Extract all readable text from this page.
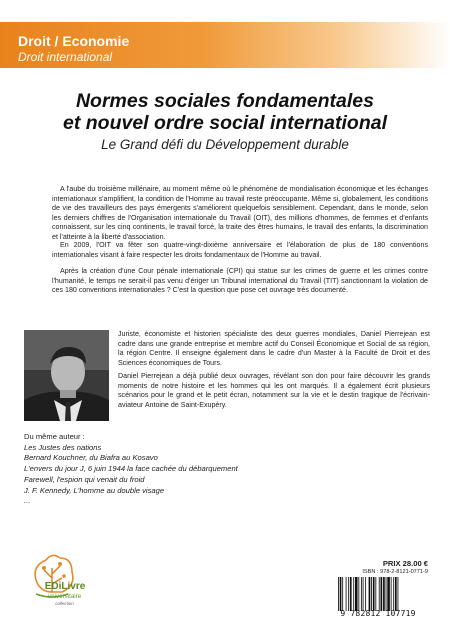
Droit / Economie
Droit international
Normes sociales fondamentales
et nouvel ordre social international
Le Grand défi du Développement durable

A l'aube du troisième millénaire, au moment même où le phénomène de mondialisation économique et les échanges internationaux s'amplifient, la condition de l'Homme au travail reste préoccupante. Même si, globalement, les conditions de vie des travailleurs des pays émergents s'améliorent quelquefois sensiblement. Cependant, dans le monde, selon les derniers chiffres de l'Organisation internationale du Travail (OIT), des millions d'hommes, de femmes et d'enfants connaissent, sur les cinq continents, le travail forcé, la traite des êtres humains, le travail des enfants, la discrimination et l'atteinte à la liberté d'association.

En 2009, l'OIT va fêter son quatre-vingt-dixième anniversaire et l'élaboration de plus de 180 conventions internationales visant à faire respecter les droits fondamentaux de l'Homme au travail.

Après la création d'une Cour pénale internationale (CPI) qui statue sur les crimes de guerre et les crimes contre l'humanité, le temps ne serait-il pas venu d'ériger un Tribunal international du Travail (TIT) sanctionnant la violation de ces 180 conventions internationales ? C'est la question que pose cet ouvrage très documenté.

Juriste, économiste et historien spécialiste des deux guerres mondiales, Daniel Pierrejean est cadre dans une grande entreprise et membre actif du Conseil Économique et Social de sa région, la région Centre. Il enseigne également dans le cadre d'un Master à la Faculté de Droit et des Sciences économiques de Tours.

Daniel Pierrejean a déjà publié deux ouvrages, révélant son don pour faire découvrir les grands moments de notre histoire et les hommes qui les ont marqués. Il a également écrit plusieurs scénarios pour le grand et le petit écran, notamment sur la vie et le destin tragique de l'écrivain-aviateur Antoine de Saint-Exupéry.

Du même auteur :
Les Justes des nations
Bernard Kouchner, du Biafra au Kosavo
L'envers du jour J, 6 juin 1944 la face cachée du débarquement
Farewell, l'espion qui venait du froid
J. F. Kennedy, L'homme au double visage
...
EDiLivre
universitaire
collection
PRIX 28.00 €
ISBN : 978-2-8121-0771-9
9 782812 107719
